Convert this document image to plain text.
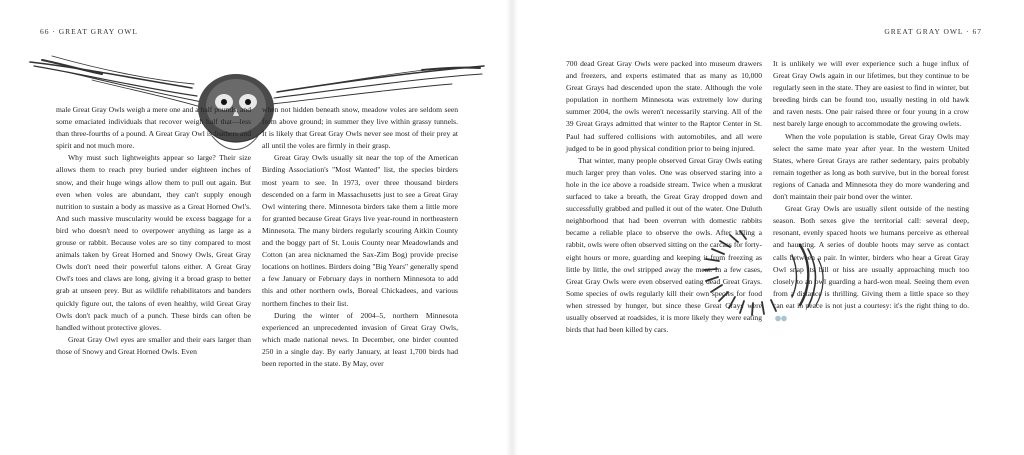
66 · GREAT GRAY OWL	GREAT GRAY OWL · 67

male Great Gray Owls weigh a mere one and a half pounds, and some emaciated individuals that recover weigh half that—less than three-fourths of a pound. A Great Gray Owl is feathers and spirit and not much more.

Why must such lightweights appear so large? Their size allows them to reach prey buried under eighteen inches of snow, and their huge wings allow them to pull out again. But even when voles are abundant, they can't supply enough nutrition to sustain a body as massive as a Great Horned Owl's. And such massive muscularity would be excess baggage for a bird who doesn't need to overpower anything as large as a grouse or rabbit. Because voles are so tiny compared to most animals taken by Great Horned and Snowy Owls, Great Gray Owls don't need their powerful talons either. A Great Gray Owl's toes and claws are long, giving it a broad grasp to better grab at unseen prey. But as wildlife rehabilitators and banders quickly figure out, the talons of even healthy, wild Great Gray Owls don't pack much of a punch. These birds can often be handled without protective gloves.

Great Gray Owl eyes are smaller and their ears larger than those of Snowy and Great Horned Owls. Even

when not hidden beneath snow, meadow voles are seldom seen from above ground; in summer they live within grassy tunnels. It is likely that Great Gray Owls never see most of their prey at all until the voles are firmly in their grasp.

Great Gray Owls usually sit near the top of the American Birding Association's "Most Wanted" list, the species birders most yearn to see. In 1973, over three thousand birders descended on a farm in Massachusetts just to see a Great Gray Owl wintering there. Minnesota birders take them a little more for granted because Great Grays live year-round in northeastern Minnesota. The many birders regularly scouring Aitkin County and the boggy part of St. Louis County near Meadowlands and Cotton (an area nicknamed the Sax-Zim Bog) provide precise locations on hotlines. Birders doing "Big Years" generally spend a few January or February days in northern Minnesota to add this and other northern owls, Boreal Chickadees, and various northern finches to their list.

During the winter of 2004–5, northern Minnesota experienced an unprecedented invasion of Great Gray Owls, which made national news. In December, one birder counted 250 in a single day. By early January, at least 1,700 birds had been reported in the state. By May, over

700 dead Great Gray Owls were packed into museum drawers and freezers, and experts estimated that as many as 10,000 Great Grays had descended upon the state. Although the vole population in northern Minnesota was extremely low during summer 2004, the owls weren't necessarily starving. All of the 39 Great Grays admitted that winter to the Raptor Center in St. Paul had suffered collisions with automobiles, and all were judged to be in good physical condition prior to being injured.

That winter, many people observed Great Gray Owls eating much larger prey than voles. One was observed staring into a hole in the ice above a roadside stream. Twice when a muskrat surfaced to take a breath, the Great Gray dropped down and successfully grabbed and pulled it out of the water. One Duluth neighborhood that had been overrun with domestic rabbits became a reliable place to observe the owls. After killing a rabbit, owls were often observed sitting on the carcass for forty-eight hours or more, guarding and keeping it from freezing as little by little, the owl stripped away the meat. In a few cases, Great Gray Owls were even observed eating dead Great Grays. Some species of owls regularly kill their own species for food when stressed by hunger, but since these Great Grays were usually observed at roadsides, it is more likely they were eating birds that had been killed by cars.

It is unlikely we will ever experience such a huge influx of Great Gray Owls again in our lifetimes, but they continue to be regularly seen in the state. They are easiest to find in winter, but breeding birds can be found too, usually nesting in old hawk and raven nests. One pair raised three or four young in a crow nest barely large enough to accommodate the growing owlets.

When the vole population is stable, Great Gray Owls may select the same mate year after year. In the western United States, where Great Grays are rather sedentary, pairs probably remain together as long as both survive, but in the boreal forest regions of Canada and Minnesota they do more wandering and don't maintain their pair bond over the winter.

Great Gray Owls are usually silent outside of the nesting season. Both sexes give the territorial call: several deep, resonant, evenly spaced hoots we humans perceive as ethereal and haunting. A series of double hoots may serve as contact calls between a pair. In winter, birders who hear a Great Gray Owl snap its bill or hiss are usually approaching much too closely to an owl guarding a hard-won meal. Seeing them even from a distance is thrilling. Giving them a little space so they can eat in peace is not just a courtesy: it's the right thing to do.
